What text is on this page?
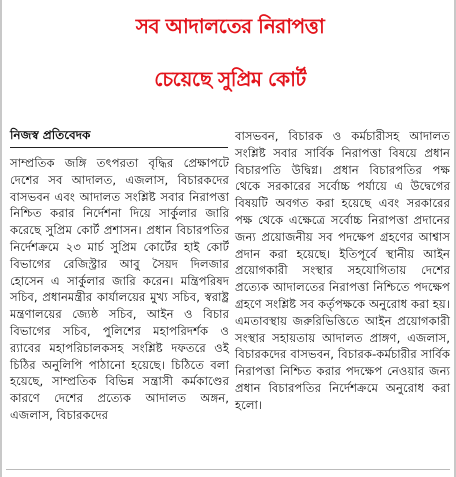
সব আদালতের নিরাপত্তা
চেয়েছে সুপ্রিম কোর্ট
নিজস্ব প্রতিবেদক
সাম্প্রতিক জঙ্গি তৎপরতা বৃদ্ধির প্রেক্ষাপটে দেশের সব আদালত, এজলাস, বিচারকদের বাসভবন এবং আদালত সংশ্লিষ্ট সবার নিরাপত্তা নিশ্চিত করার নির্দেশনা দিয়ে সার্কুলার জারি করেছে সুপ্রিম কোর্ট প্রশাসন। প্রধান বিচারপতির নির্দেশক্রমে ২৩ মার্চ সুপ্রিম কোর্টের হাই কোর্ট বিভাগের রেজিস্ট্রার আবু সৈয়দ দিলজার হোসেন এ সার্কুলার জারি করেন। মন্ত্রিপরিষদ সচিব, প্রধানমন্ত্রীর কার্যালয়ের মুখ্য সচিব, স্বরাষ্ট্র মন্ত্রণালয়ের জ্যেষ্ঠ সচিব, আইন ও বিচার বিভাগের সচিব, পুলিশের মহাপরিদর্শক ও র‍্যাবের মহাপরিচালকসহ সংশ্লিষ্ট দফতরে ওই চিঠির অনুলিপি পাঠানো হয়েছে। চিঠিতে বলা হয়েছে, সাম্প্রতিক বিভিন্ন সন্ত্রাসী কর্মকাণ্ডের কারণে দেশের প্রত্যেক আদালত অঙ্গন, এজলাস, বিচারকদের
বাসভবন, বিচারক ও কর্মচারীসহ আদালত সংশ্লিষ্ট সবার সার্বিক নিরাপত্তা বিষয়ে প্রধান বিচারপতি উদ্বিগ্ন। প্রধান বিচারপতির পক্ষ থেকে সরকারের সর্বোচ্চ পর্যায়ে এ উদ্বেগের বিষয়টি অবগত করা হয়েছে এবং সরকারের পক্ষ থেকে এক্ষেত্রে সর্বোচ্চ নিরাপত্তা প্রদানের জন্য প্রয়োজনীয় সব পদক্ষেপ গ্রহণের আশ্বাস প্রদান করা হয়েছে। ইতিপূর্বে স্থানীয় আইন প্রয়োগকারী সংস্থার সহযোগিতায় দেশের প্রত্যেক আদালতের নিরাপত্তা নিশ্চিতে পদক্ষেপ গ্রহণে সংশ্লিষ্ট সব কর্তৃপক্ষকে অনুরোধ করা হয়। এমতাবস্থায় জরুরিভিত্তিতে আইন প্রয়োগকারী সংস্থার সহায়তায় আদালত প্রাঙ্গণ, এজলাস, বিচারকদের বাসভবন, বিচারক-কর্মচারীর সার্বিক নিরাপত্তা নিশ্চিত করার পদক্ষেপ নেওয়ার জন্য প্রধান বিচারপতির নির্দেশক্রমে অনুরোধ করা হলো।
